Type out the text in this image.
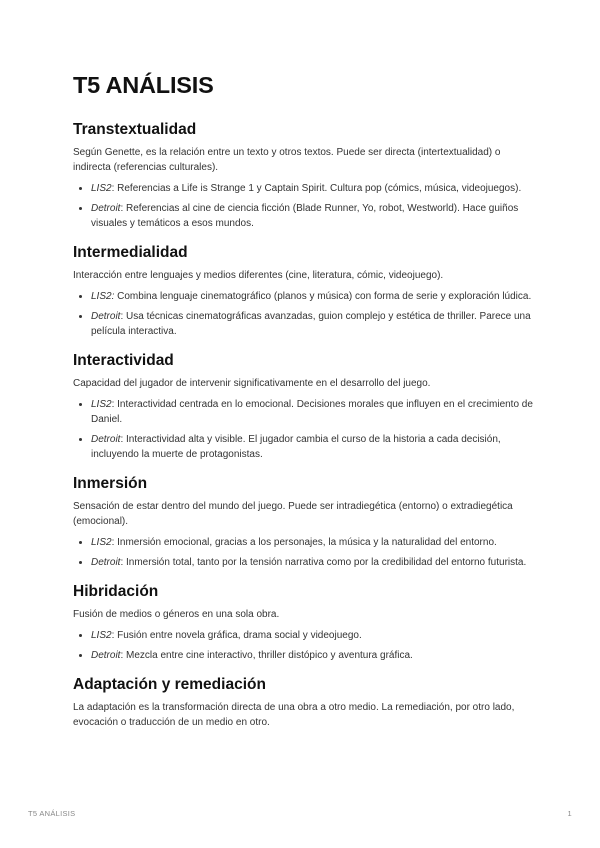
T5 ANÁLISIS
Transtextualidad

Según Genette, es la relación entre un texto y otros textos. Puede ser directa (intertextualidad) o indirecta (referencias culturales).

• LIS2: Referencias a Life is Strange 1 y Captain Spirit. Cultura pop (cómics, música, videojuegos).
• Detroit: Referencias al cine de ciencia ficción (Blade Runner, Yo, robot, Westworld). Hace guiños visuales y temáticos a esos mundos.
Intermedialidad

Interacción entre lenguajes y medios diferentes (cine, literatura, cómic, videojuego).

• LIS2: Combina lenguaje cinematográfico (planos y música) con forma de serie y exploración lúdica.
• Detroit: Usa técnicas cinematográficas avanzadas, guion complejo y estética de thriller. Parece una película interactiva.
Interactividad

Capacidad del jugador de intervenir significativamente en el desarrollo del juego.

• LIS2: Interactividad centrada en lo emocional. Decisiones morales que influyen en el crecimiento de Daniel.
• Detroit: Interactividad alta y visible. El jugador cambia el curso de la historia a cada decisión, incluyendo la muerte de protagonistas.
Inmersión

Sensación de estar dentro del mundo del juego. Puede ser intradiegética (entorno) o extradiegética (emocional).

• LIS2: Inmersión emocional, gracias a los personajes, la música y la naturalidad del entorno.
• Detroit: Inmersión total, tanto por la tensión narrativa como por la credibilidad del entorno futurista.
Hibridación

Fusión de medios o géneros en una sola obra.

• LIS2: Fusión entre novela gráfica, drama social y videojuego.
• Detroit: Mezcla entre cine interactivo, thriller distópico y aventura gráfica.
Adaptación y remediación

La adaptación es la transformación directa de una obra a otro medio. La remediación, por otro lado, evocación o traducción de un medio en otro.

T5 ANÁLISIS	1
